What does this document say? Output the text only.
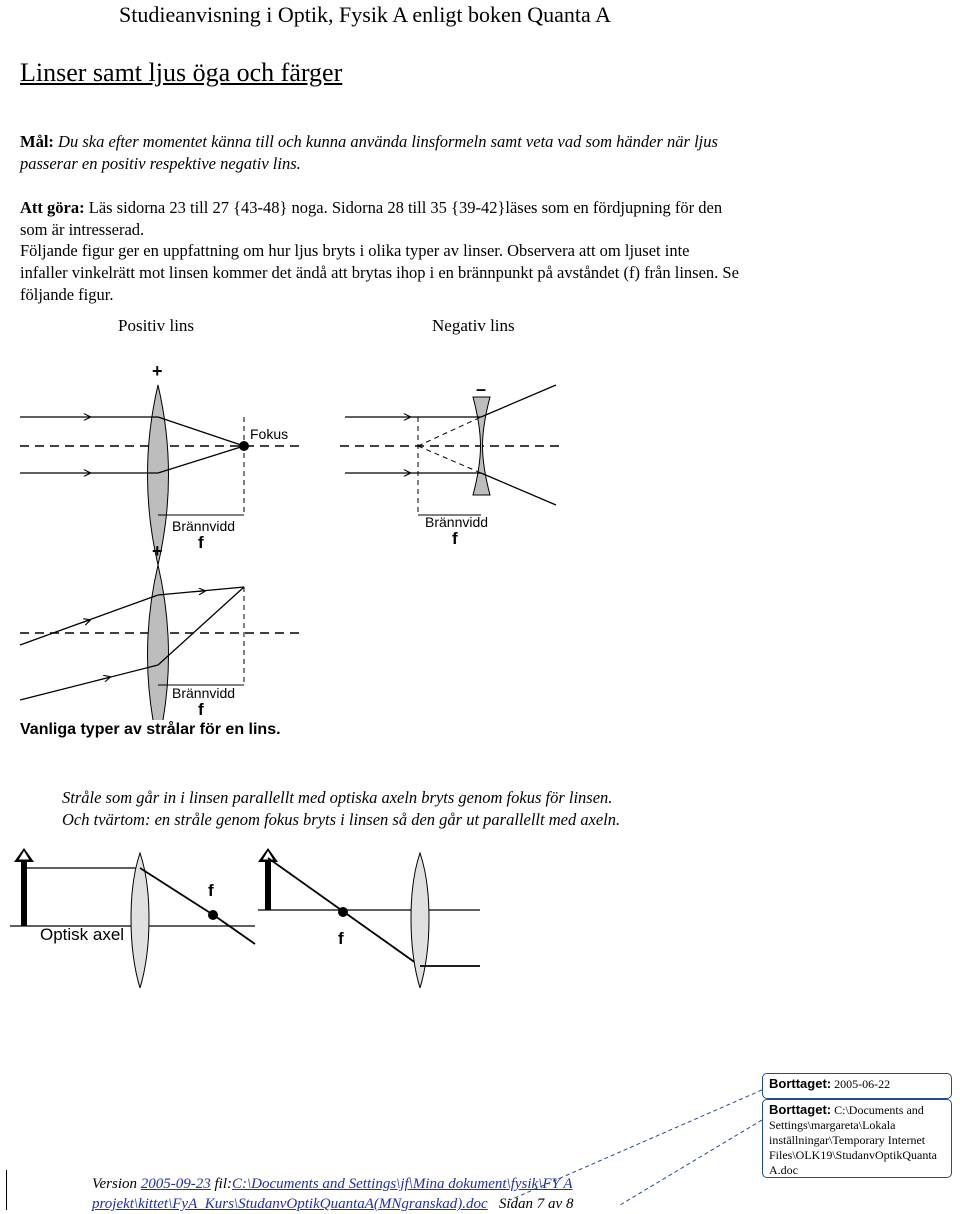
Studieanvisning i Optik, Fysik A enligt boken Quanta A
Linser samt ljus öga och färger
Mål: Du ska efter momentet känna till och kunna använda linsformeln samt veta vad som händer när ljus passerar en positiv respektive negativ lins.
Att göra: Läs sidorna 23 till 27 {43-48} noga. Sidorna 28 till 35 {39-42}läses som en fördjupning för den som är intresserad.
Följande figur ger en uppfattning om hur ljus bryts i olika typer av linser. Observera att om ljuset inte infaller vinkelrätt mot linsen kommer det ändå att brytas ihop i en brännpunkt på avståndet (f) från linsen. Se följande figur.
Positiv lins	Negativ lins
+
Fokus
Brännvidd
f
–
Brännvidd
f
+
Brännvidd
f
Vanliga typer av strålar för en lins.
Stråle som går in i linsen parallellt med optiska axeln bryts genom fokus för linsen.
Och tvärtom: en stråle genom fokus bryts i linsen så den går ut parallellt med axeln.
f
Optisk axel	f
Borttaget: 2005-06-22
Borttaget: C:\Documents and Settings\margareta\Lokala inställningar\Temporary Internet Files\OLK19\StudanvOptikQuanta A.doc
Version 2005-09-23 fil:C:\Documents and Settings\jf\Mina dokument\fysik\FY A
projekt\kittet\FyA_Kurs\StudanvOptikQuantaA(MNgranskad).doc Sidan 7 av 8
